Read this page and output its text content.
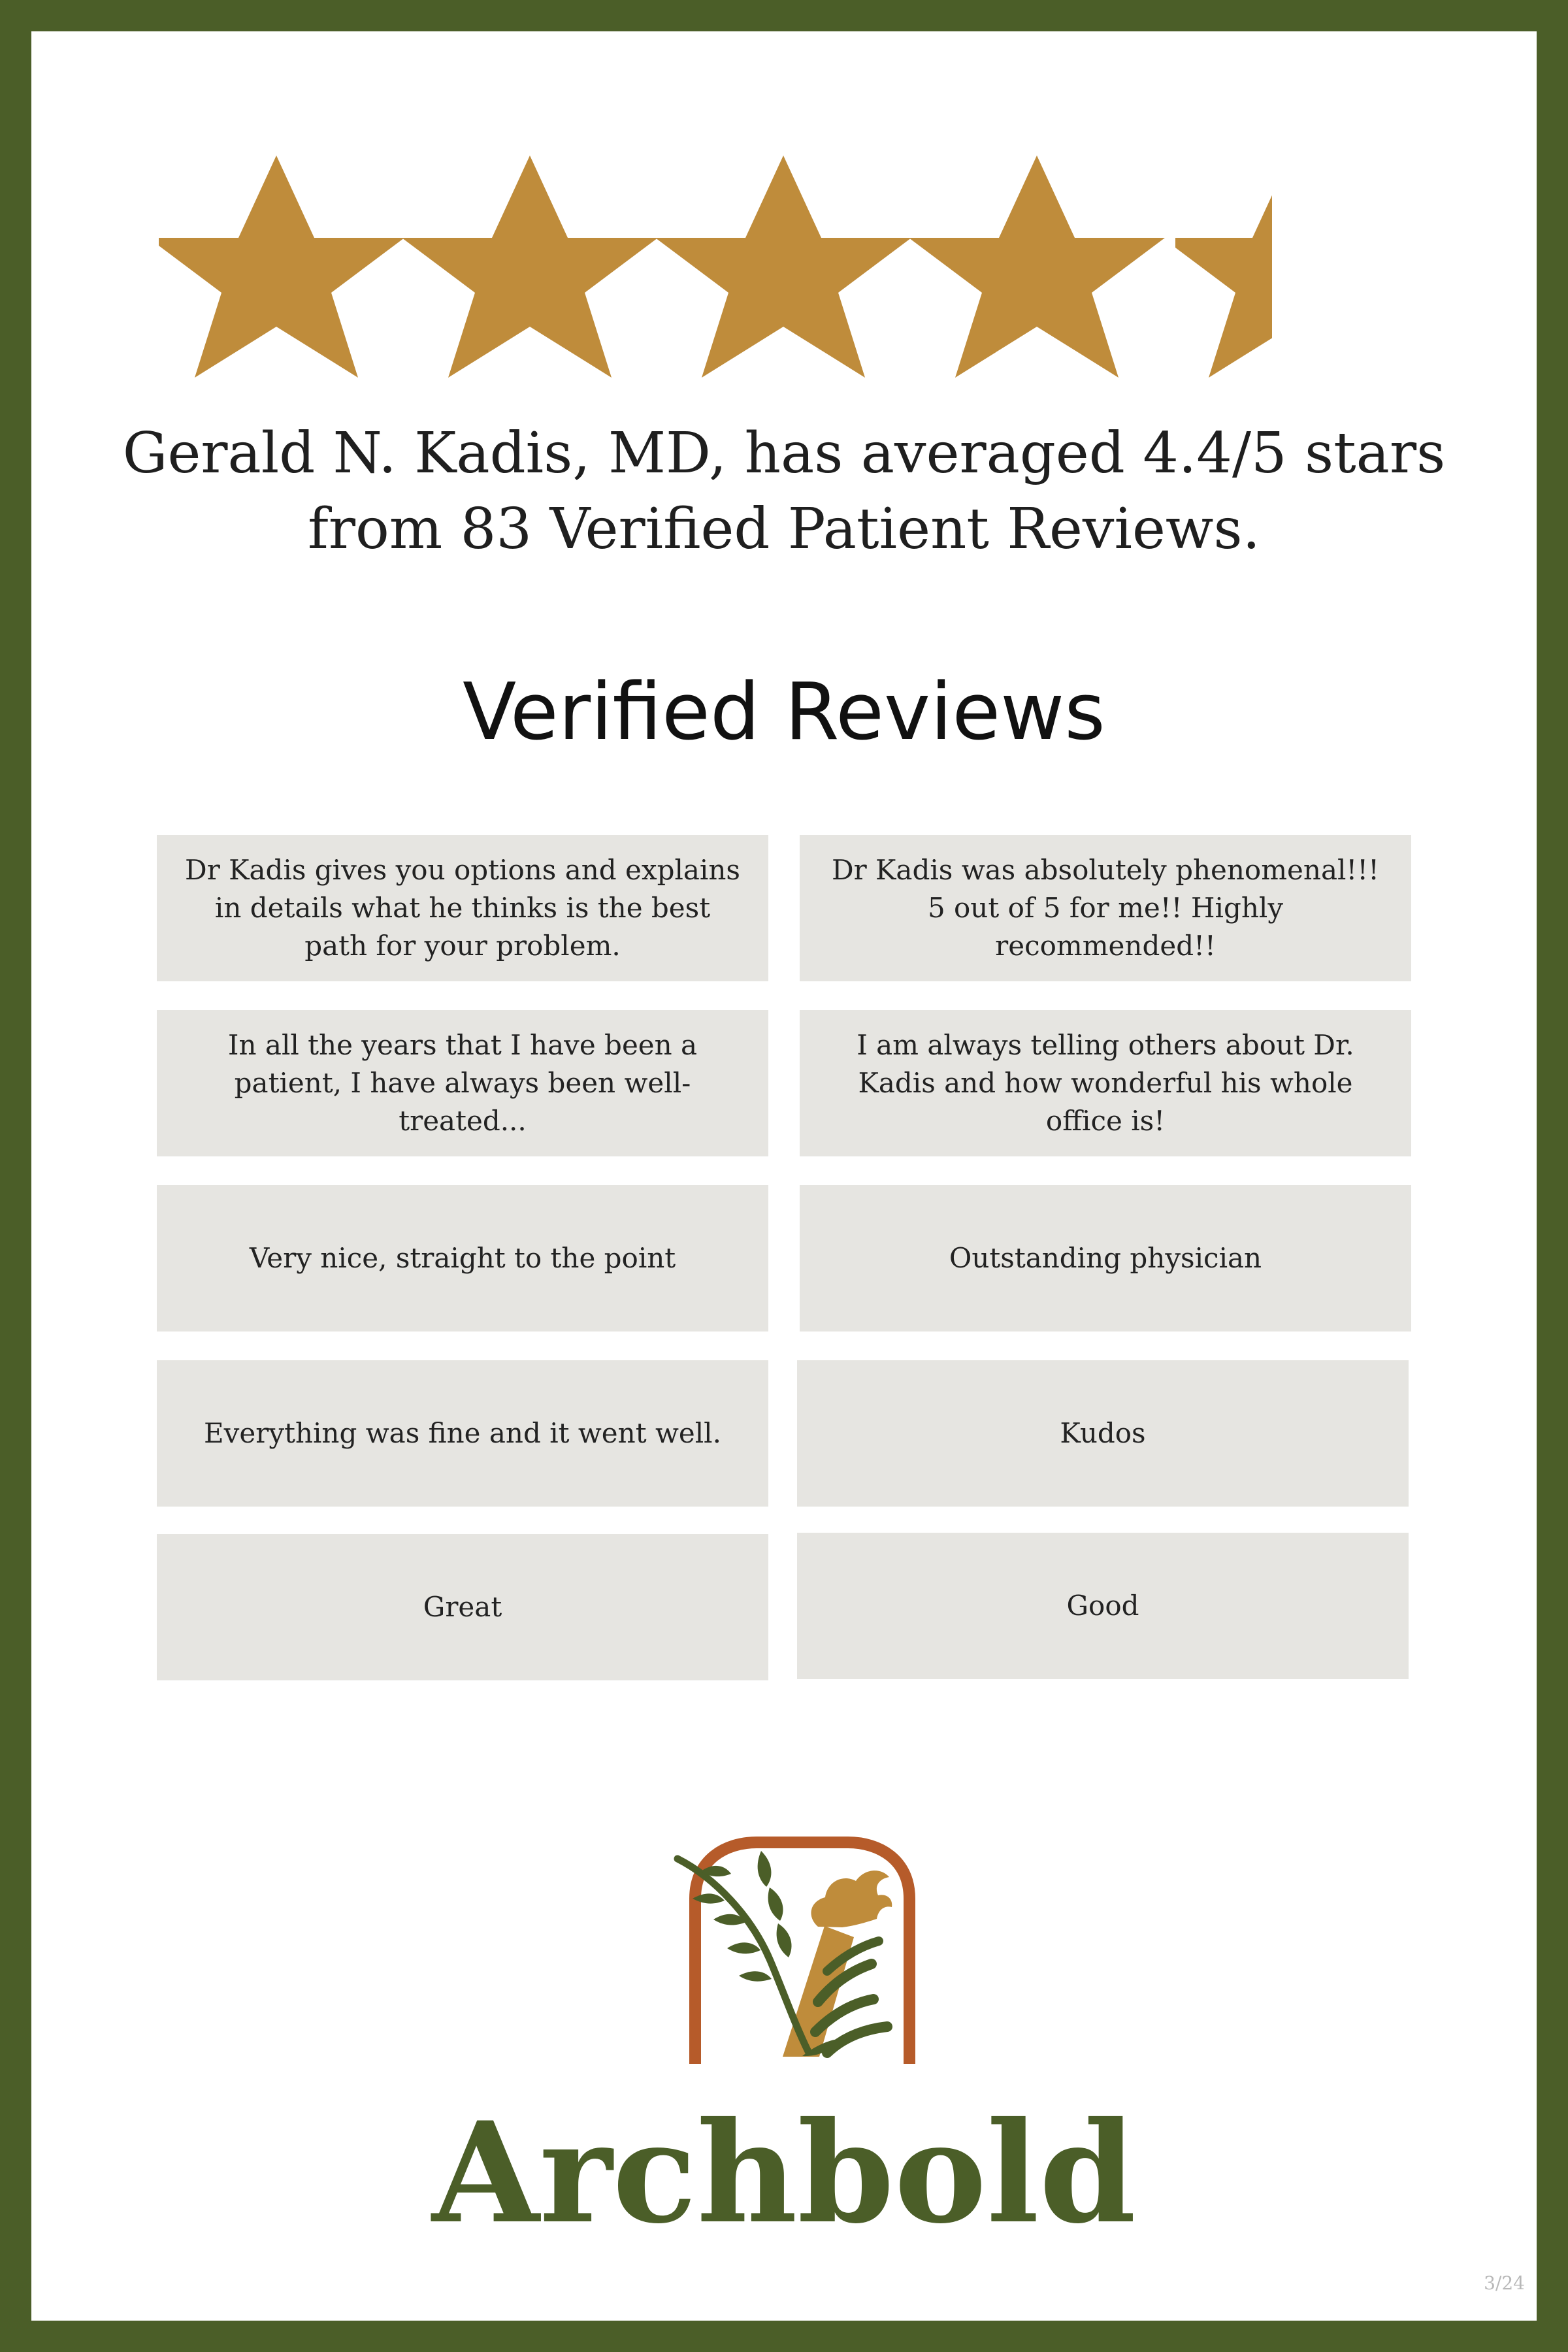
Gerald N. Kadis, MD, has averaged 4.4/5 stars
from 83 Verified Patient Reviews.
Verified Reviews

Dr Kadis gives you options and explains in details what he thinks is the best path for your problem.

Dr Kadis was absolutely phenomenal!!! 5 out of 5 for me!! Highly recommended!!

In all the years that I have been a patient, I have always been well-treated...

I am always telling others about Dr. Kadis and how wonderful his whole office is!

Very nice, straight to the point	Outstanding physician

Everything was fine and it went well.	Kudos

Great	Good

Archbold
3/24
